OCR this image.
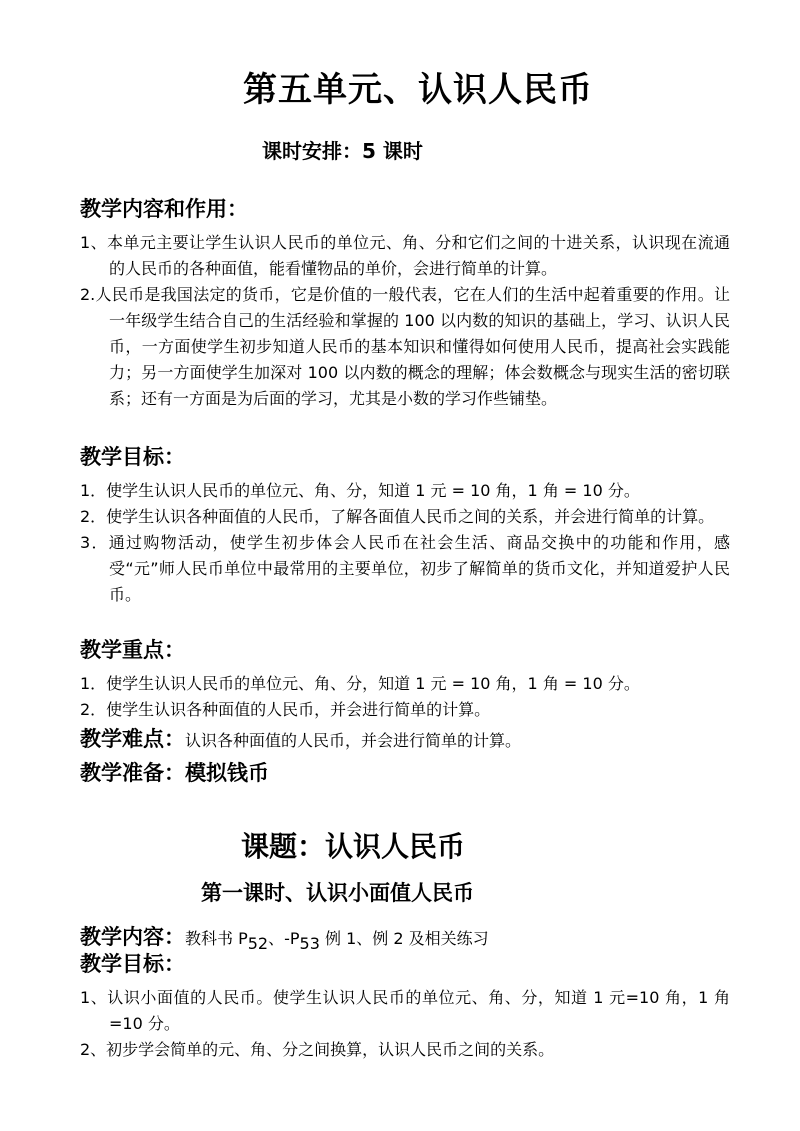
第五单元、认识人民币

课时安排：5 课时

教学内容和作用：
1、本单元主要让学生认识人民币的单位元、角、分和它们之间的十进关系，认识现在流通的人民币的各种面值，能看懂物品的单价，会进行简单的计算。
2.人民币是我国法定的货币，它是价值的一般代表，它在人们的生活中起着重要的作用。让一年级学生结合自己的生活经验和掌握的 100 以内数的知识的基础上，学习、认识人民币，一方面使学生初步知道人民币的基本知识和懂得如何使用人民币，提高社会实践能力；另一方面使学生加深对 100 以内数的概念的理解；体会数概念与现实生活的密切联系；还有一方面是为后面的学习，尤其是小数的学习作些铺垫。
教学目标：
1．使学生认识人民币的单位元、角、分，知道 1 元 = 10 角，1 角 = 10 分。
2．使学生认识各种面值的人民币，了解各面值人民币之间的关系，并会进行简单的计算。
3．通过购物活动，使学生初步体会人民币在社会生活、商品交换中的功能和作用，感受“元”师人民币单位中最常用的主要单位，初步了解简单的货币文化，并知道爱护人民币。
教学重点：
1．使学生认识人民币的单位元、角、分，知道 1 元 = 10 角，1 角 = 10 分。
2．使学生认识各种面值的人民币，并会进行简单的计算。
教学难点：认识各种面值的人民币，并会进行简单的计算。
教学准备：模拟钱币
课题：认识人民币
第一课时、认识小面值人民币
教学内容：教科书 P52、-P53 例 1、例 2 及相关练习
教学目标：
1、认识小面值的人民币。使学生认识人民币的单位元、角、分，知道 1 元=10 角，1 角=10 分。
2、初步学会简单的元、角、分之间换算，认识人民币之间的关系。
